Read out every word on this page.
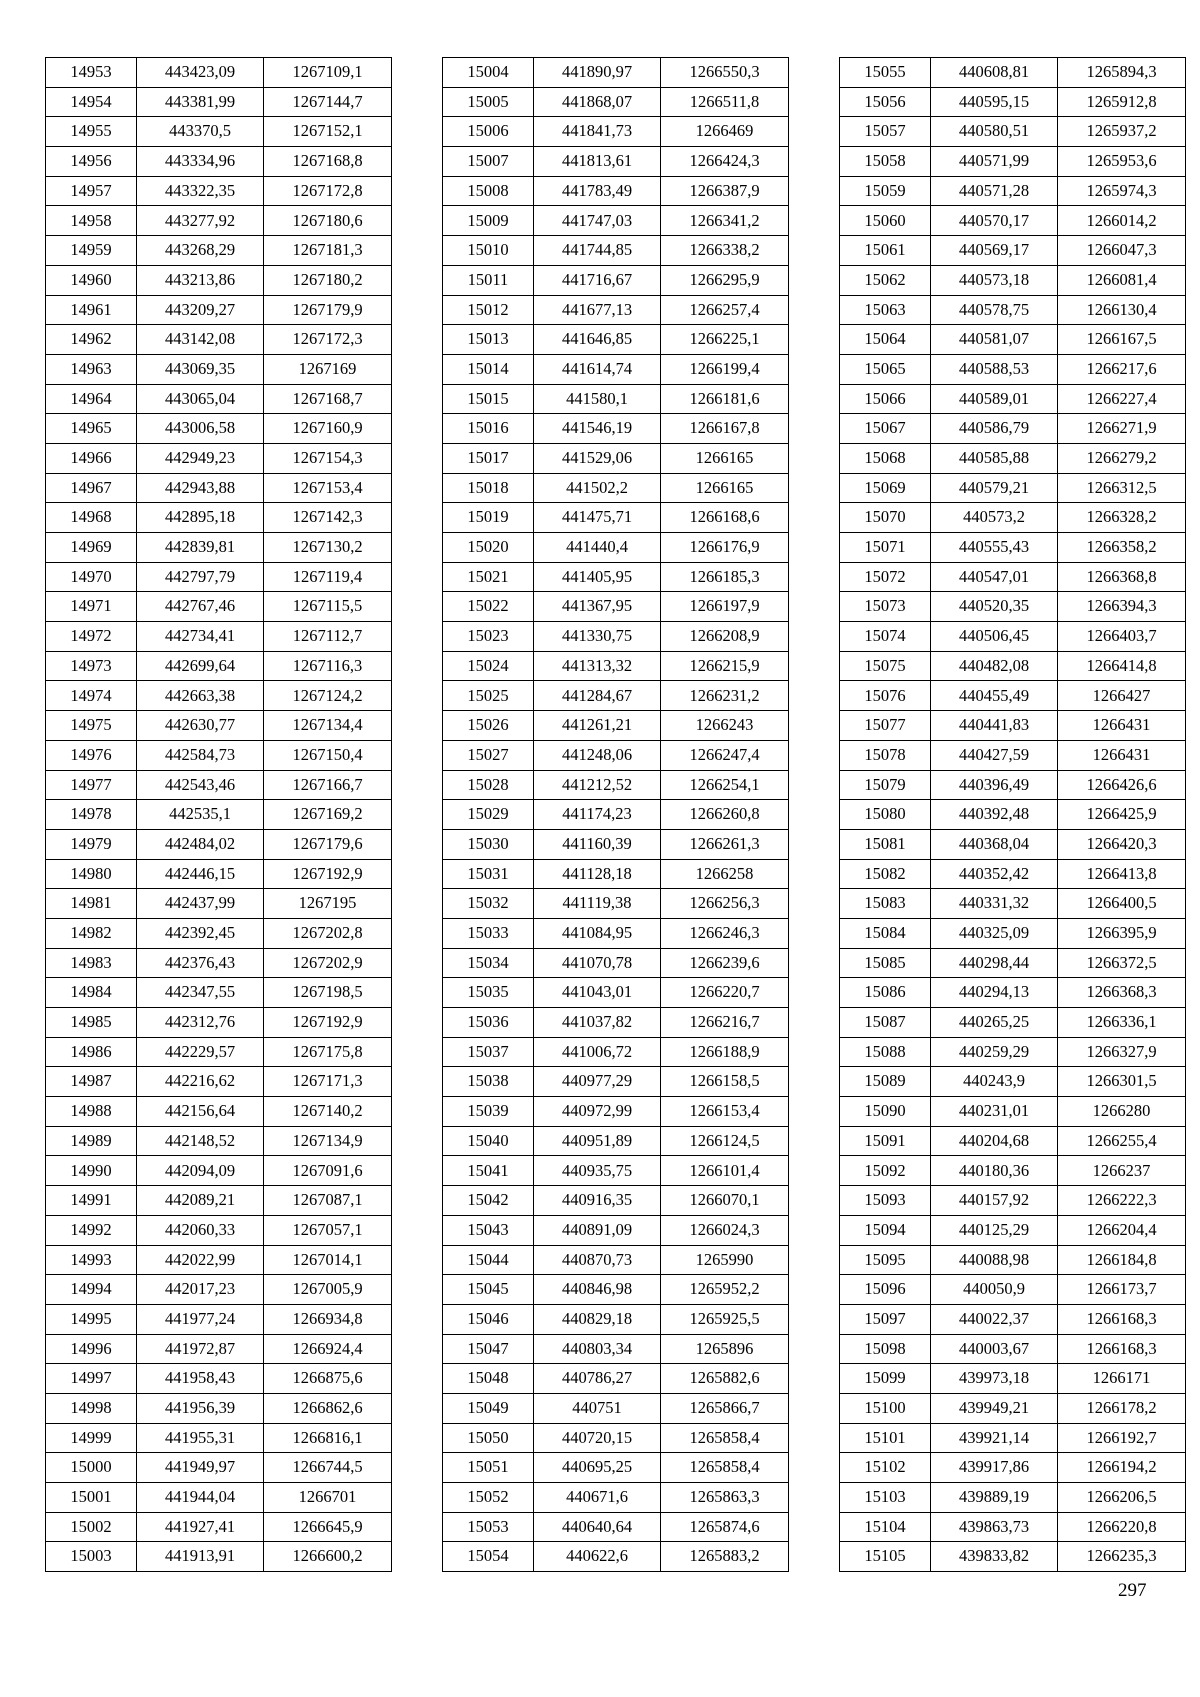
14953	443423,09	1267109,1
14954	443381,99	1267144,7
14955	443370,5	1267152,1
14956	443334,96	1267168,8
14957	443322,35	1267172,8
14958	443277,92	1267180,6
14959	443268,29	1267181,3
14960	443213,86	1267180,2
14961	443209,27	1267179,9
14962	443142,08	1267172,3
14963	443069,35	1267169
14964	443065,04	1267168,7
14965	443006,58	1267160,9
14966	442949,23	1267154,3
14967	442943,88	1267153,4
14968	442895,18	1267142,3
14969	442839,81	1267130,2
14970	442797,79	1267119,4
14971	442767,46	1267115,5
14972	442734,41	1267112,7
14973	442699,64	1267116,3
14974	442663,38	1267124,2
14975	442630,77	1267134,4
14976	442584,73	1267150,4
14977	442543,46	1267166,7
14978	442535,1	1267169,2
14979	442484,02	1267179,6
14980	442446,15	1267192,9
14981	442437,99	1267195
14982	442392,45	1267202,8
14983	442376,43	1267202,9
14984	442347,55	1267198,5
14985	442312,76	1267192,9
14986	442229,57	1267175,8
14987	442216,62	1267171,3
14988	442156,64	1267140,2
14989	442148,52	1267134,9
14990	442094,09	1267091,6
14991	442089,21	1267087,1
14992	442060,33	1267057,1
14993	442022,99	1267014,1
14994	442017,23	1267005,9
14995	441977,24	1266934,8
14996	441972,87	1266924,4
14997	441958,43	1266875,6
14998	441956,39	1266862,6
14999	441955,31	1266816,1
15000	441949,97	1266744,5
15001	441944,04	1266701
15002	441927,41	1266645,9
15003	441913,91	1266600,2
15004	441890,97	1266550,3
15005	441868,07	1266511,8
15006	441841,73	1266469
15007	441813,61	1266424,3
15008	441783,49	1266387,9
15009	441747,03	1266341,2
15010	441744,85	1266338,2
15011	441716,67	1266295,9
15012	441677,13	1266257,4
15013	441646,85	1266225,1
15014	441614,74	1266199,4
15015	441580,1	1266181,6
15016	441546,19	1266167,8
15017	441529,06	1266165
15018	441502,2	1266165
15019	441475,71	1266168,6
15020	441440,4	1266176,9
15021	441405,95	1266185,3
15022	441367,95	1266197,9
15023	441330,75	1266208,9
15024	441313,32	1266215,9
15025	441284,67	1266231,2
15026	441261,21	1266243
15027	441248,06	1266247,4
15028	441212,52	1266254,1
15029	441174,23	1266260,8
15030	441160,39	1266261,3
15031	441128,18	1266258
15032	441119,38	1266256,3
15033	441084,95	1266246,3
15034	441070,78	1266239,6
15035	441043,01	1266220,7
15036	441037,82	1266216,7
15037	441006,72	1266188,9
15038	440977,29	1266158,5
15039	440972,99	1266153,4
15040	440951,89	1266124,5
15041	440935,75	1266101,4
15042	440916,35	1266070,1
15043	440891,09	1266024,3
15044	440870,73	1265990
15045	440846,98	1265952,2
15046	440829,18	1265925,5
15047	440803,34	1265896
15048	440786,27	1265882,6
15049	440751	1265866,7
15050	440720,15	1265858,4
15051	440695,25	1265858,4
15052	440671,6	1265863,3
15053	440640,64	1265874,6
15054	440622,6	1265883,2
15055	440608,81	1265894,3
15056	440595,15	1265912,8
15057	440580,51	1265937,2
15058	440571,99	1265953,6
15059	440571,28	1265974,3
15060	440570,17	1266014,2
15061	440569,17	1266047,3
15062	440573,18	1266081,4
15063	440578,75	1266130,4
15064	440581,07	1266167,5
15065	440588,53	1266217,6
15066	440589,01	1266227,4
15067	440586,79	1266271,9
15068	440585,88	1266279,2
15069	440579,21	1266312,5
15070	440573,2	1266328,2
15071	440555,43	1266358,2
15072	440547,01	1266368,8
15073	440520,35	1266394,3
15074	440506,45	1266403,7
15075	440482,08	1266414,8
15076	440455,49	1266427
15077	440441,83	1266431
15078	440427,59	1266431
15079	440396,49	1266426,6
15080	440392,48	1266425,9
15081	440368,04	1266420,3
15082	440352,42	1266413,8
15083	440331,32	1266400,5
15084	440325,09	1266395,9
15085	440298,44	1266372,5
15086	440294,13	1266368,3
15087	440265,25	1266336,1
15088	440259,29	1266327,9
15089	440243,9	1266301,5
15090	440231,01	1266280
15091	440204,68	1266255,4
15092	440180,36	1266237
15093	440157,92	1266222,3
15094	440125,29	1266204,4
15095	440088,98	1266184,8
15096	440050,9	1266173,7
15097	440022,37	1266168,3
15098	440003,67	1266168,3
15099	439973,18	1266171
15100	439949,21	1266178,2
15101	439921,14	1266192,7
15102	439917,86	1266194,2
15103	439889,19	1266206,5
15104	439863,73	1266220,8
15105	439833,82	1266235,3
297
